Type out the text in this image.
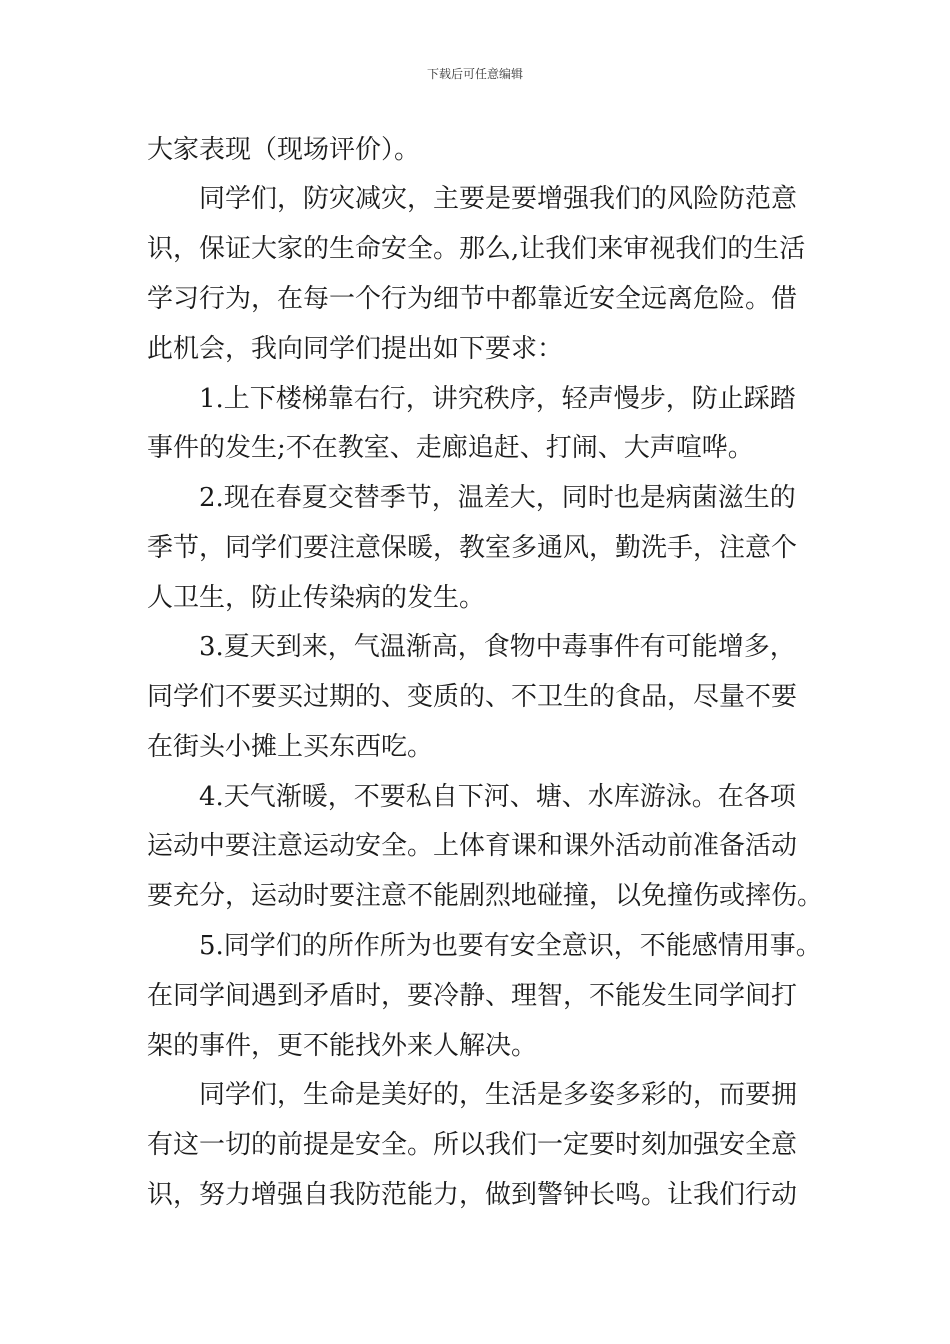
下载后可任意编辑
大家表现（现场评价）。
同学们，防灾减灾，主要是要增强我们的风险防范意
识，保证大家的生命安全。那么,让我们来审视我们的生活
学习行为，在每一个行为细节中都靠近安全远离危险。借
此机会，我向同学们提出如下要求：
1.上下楼梯靠右行，讲究秩序，轻声慢步，防止踩踏
事件的发生;不在教室、走廊追赶、打闹、大声喧哗。
2.现在春夏交替季节，温差大，同时也是病菌滋生的
季节，同学们要注意保暖，教室多通风，勤洗手，注意个
人卫生，防止传染病的发生。
3.夏天到来，气温渐高，食物中毒事件有可能增多，
同学们不要买过期的、变质的、不卫生的食品，尽量不要
在街头小摊上买东西吃。
4.天气渐暖，不要私自下河、塘、水库游泳。在各项
运动中要注意运动安全。上体育课和课外活动前准备活动
要充分，运动时要注意不能剧烈地碰撞，以免撞伤或摔伤。
5.同学们的所作所为也要有安全意识，不能感情用事。
在同学间遇到矛盾时，要冷静、理智，不能发生同学间打
架的事件，更不能找外来人解决。
同学们，生命是美好的，生活是多姿多彩的，而要拥
有这一切的前提是安全。所以我们一定要时刻加强安全意
识，努力增强自我防范能力，做到警钟长鸣。让我们行动
